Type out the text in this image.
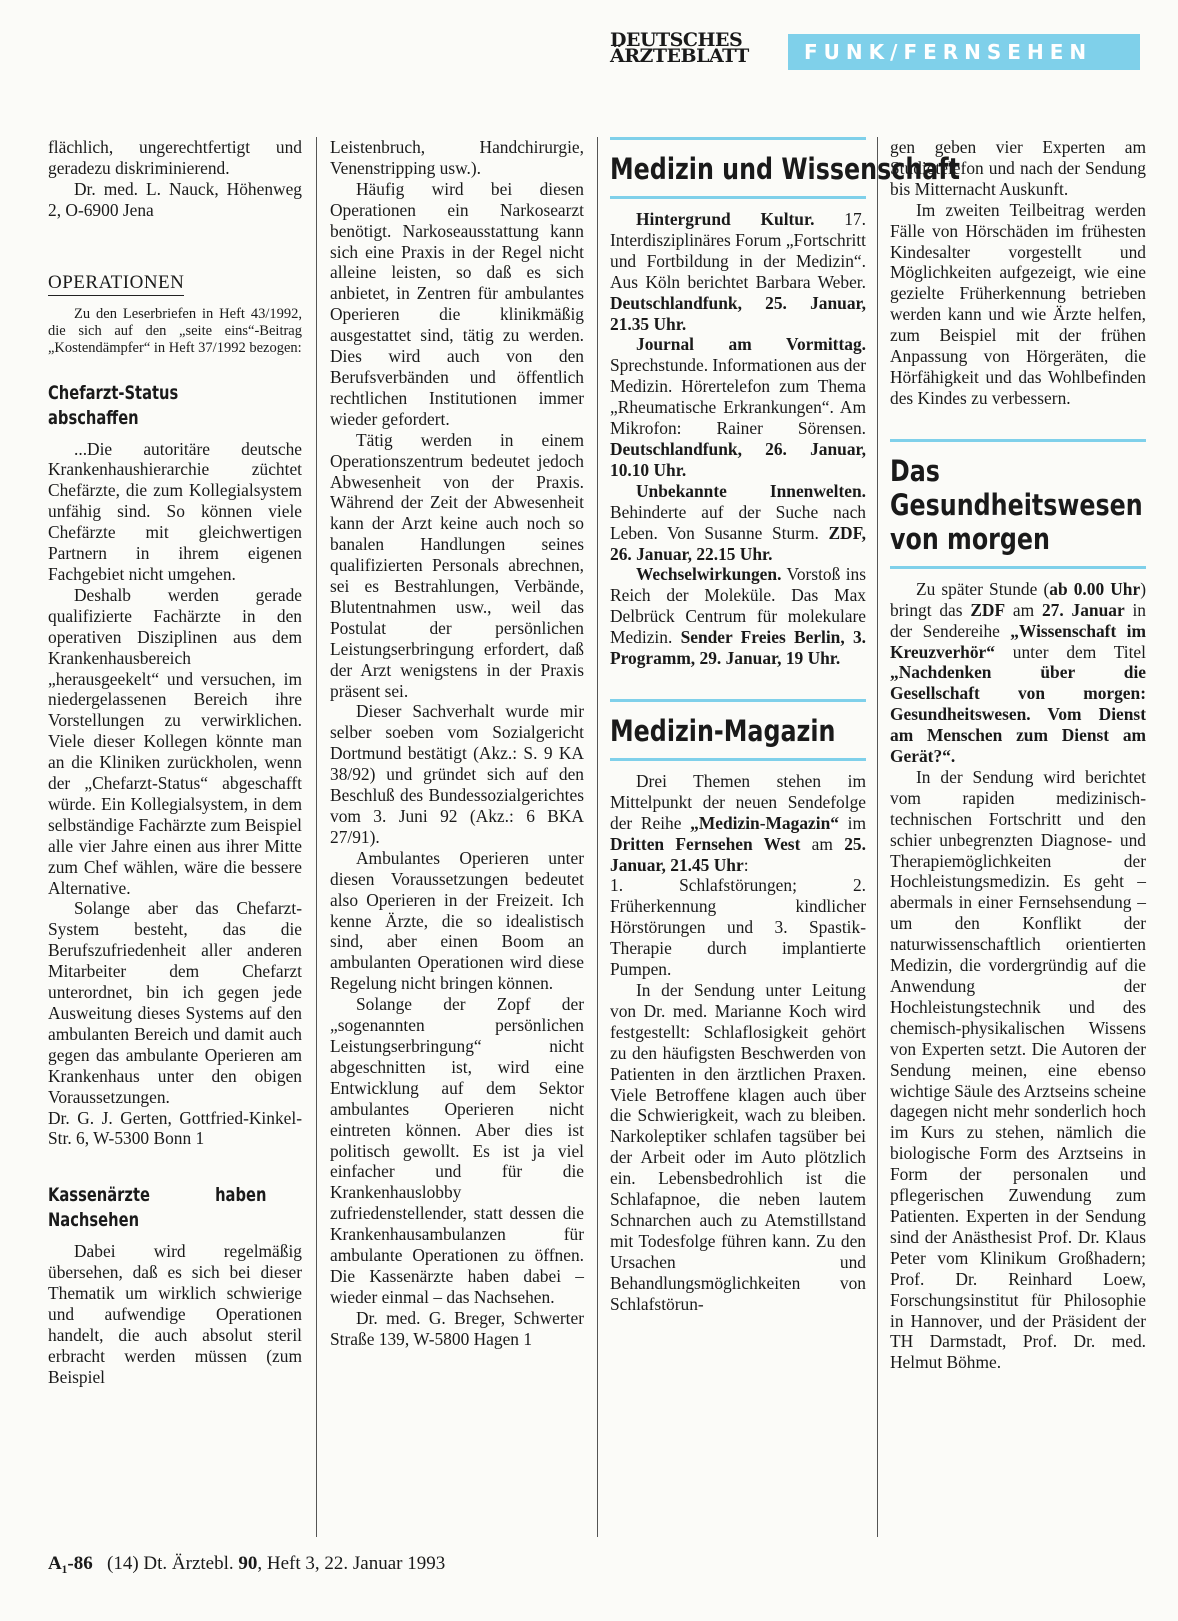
DEUTSCHES
ÄRZTEBLATT	FUNK/FERNSEHEN

flächlich, ungerechtfertigt und geradezu diskriminierend.

Dr. med. L. Nauck, Höhenweg 2, O-6900 Jena

OPERATIONEN

Zu den Leserbriefen in Heft 43/1992, die sich auf den „seite eins“-Beitrag „Kostendämpfer“ in Heft 37/1992 bezogen:

Chefarzt-Status abschaffen

...Die autoritäre deutsche Krankenhaushierarchie züchtet Chefärzte, die zum Kollegialsystem unfähig sind. So können viele Chefärzte mit gleichwertigen Partnern in ihrem eigenen Fachgebiet nicht umgehen.

Deshalb werden gerade qualifizierte Fachärzte in den operativen Disziplinen aus dem Krankenhausbereich „herausgeekelt“ und versuchen, im niedergelassenen Bereich ihre Vorstellungen zu verwirklichen. Viele dieser Kollegen könnte man an die Kliniken zurückholen, wenn der „Chefarzt-Status“ abgeschafft würde. Ein Kollegialsystem, in dem selbständige Fachärzte zum Beispiel alle vier Jahre einen aus ihrer Mitte zum Chef wählen, wäre die bessere Alternative.

Solange aber das Chefarzt-System besteht, das die Berufszufriedenheit aller anderen Mitarbeiter dem Chefarzt unterordnet, bin ich gegen jede Ausweitung dieses Systems auf den ambulanten Bereich und damit auch gegen das ambulante Operieren am Krankenhaus unter den obigen Voraussetzungen.

Dr. G. J. Gerten, Gottfried-Kinkel-Str. 6, W-5300 Bonn 1

Kassenärzte haben Nachsehen

Dabei wird regelmäßig übersehen, daß es sich bei dieser Thematik um wirklich schwierige und aufwendige Operationen handelt, die auch absolut steril erbracht werden müssen (zum Beispiel

Leistenbruch, Handchirurgie, Venenstripping usw.).

Häufig wird bei diesen Operationen ein Narkosearzt benötigt. Narkoseausstattung kann sich eine Praxis in der Regel nicht alleine leisten, so daß es sich anbietet, in Zentren für ambulantes Operieren die klinikmäßig ausgestattet sind, tätig zu werden. Dies wird auch von den Berufsverbänden und öffentlich rechtlichen Institutionen immer wieder gefordert.

Tätig werden in einem Operationszentrum bedeutet jedoch Abwesenheit von der Praxis. Während der Zeit der Abwesenheit kann der Arzt keine auch noch so banalen Handlungen seines qualifizierten Personals abrechnen, sei es Bestrahlungen, Verbände, Blutentnahmen usw., weil das Postulat der persönlichen Leistungserbringung erfordert, daß der Arzt wenigstens in der Praxis präsent sei.

Dieser Sachverhalt wurde mir selber soeben vom Sozialgericht Dortmund bestätigt (Akz.: S. 9 KA 38/92) und gründet sich auf den Beschluß des Bundessozialgerichtes vom 3. Juni 92 (Akz.: 6 BKA 27/91).

Ambulantes Operieren unter diesen Voraussetzungen bedeutet also Operieren in der Freizeit. Ich kenne Ärzte, die so idealistisch sind, aber einen Boom an ambulanten Operationen wird diese Regelung nicht bringen können.

Solange der Zopf der „sogenannten persönlichen Leistungserbringung“ nicht abgeschnitten ist, wird eine Entwicklung auf dem Sektor ambulantes Operieren nicht eintreten können. Aber dies ist politisch gewollt. Es ist ja viel einfacher und für die Krankenhauslobby zufriedenstellender, statt dessen die Krankenhausambulanzen für ambulante Operationen zu öffnen. Die Kassenärzte haben dabei – wieder einmal – das Nachsehen.

Dr. med. G. Breger, Schwerter Straße 139, W-5800 Hagen 1

Medizin und Wissenschaft

Hintergrund Kultur. 17. Interdisziplinäres Forum „Fortschritt und Fortbildung in der Medizin“. Aus Köln berichtet Barbara Weber. Deutschlandfunk, 25. Januar, 21.35 Uhr.

Journal am Vormittag. Sprechstunde. Informationen aus der Medizin. Hörertelefon zum Thema „Rheumatische Erkrankungen“. Am Mikrofon: Rainer Sörensen. Deutschlandfunk, 26. Januar, 10.10 Uhr.

Unbekannte Innenwelten. Behinderte auf der Suche nach Leben. Von Susanne Sturm. ZDF, 26. Januar, 22.15 Uhr.

Wechselwirkungen. Vorstoß ins Reich der Moleküle. Das Max Delbrück Centrum für molekulare Medizin. Sender Freies Berlin, 3. Programm, 29. Januar, 19 Uhr.

Medizin-Magazin

Drei Themen stehen im Mittelpunkt der neuen Sendefolge der Reihe „Medizin-Magazin“ im Dritten Fernsehen West am 25. Januar, 21.45 Uhr:

1. Schlafstörungen; 2. Früherkennung kindlicher Hörstörungen und 3. Spastik-Therapie durch implantierte Pumpen.

In der Sendung unter Leitung von Dr. med. Marianne Koch wird festgestellt: Schlaflosigkeit gehört zu den häufigsten Beschwerden von Patienten in den ärztlichen Praxen. Viele Betroffene klagen auch über die Schwierigkeit, wach zu bleiben. Narkoleptiker schlafen tagsüber bei der Arbeit oder im Auto plötzlich ein. Lebensbedrohlich ist die Schlafapnoe, die neben lautem Schnarchen auch zu Atemstillstand mit Todesfolge führen kann. Zu den Ursachen und Behandlungsmöglichkeiten von Schlafstörun-

gen geben vier Experten am Studiotelefon und nach der Sendung bis Mitternacht Auskunft.

Im zweiten Teilbeitrag werden Fälle von Hörschäden im frühesten Kindesalter vorgestellt und Möglichkeiten aufgezeigt, wie eine gezielte Früherkennung betrieben werden kann und wie Ärzte helfen, zum Beispiel mit der frühen Anpassung von Hörgeräten, die Hörfähigkeit und das Wohlbefinden des Kindes zu verbessern.

Das Gesundheitswesen von morgen

Zu später Stunde (ab 0.00 Uhr) bringt das ZDF am 27. Januar in der Sendereihe „Wissenschaft im Kreuzverhör“ unter dem Titel „Nachdenken über die Gesellschaft von morgen: Gesundheitswesen. Vom Dienst am Menschen zum Dienst am Gerät?“.

In der Sendung wird berichtet vom rapiden medizinisch-technischen Fortschritt und den schier unbegrenzten Diagnose- und Therapiemöglichkeiten der Hochleistungsmedizin. Es geht – abermals in einer Fernsehsendung – um den Konflikt der naturwissenschaftlich orientierten Medizin, die vordergründig auf die Anwendung der Hochleistungstechnik und des chemisch-physikalischen Wissens von Experten setzt. Die Autoren der Sendung meinen, eine ebenso wichtige Säule des Arztseins scheine dagegen nicht mehr sonderlich hoch im Kurs zu stehen, nämlich die biologische Form des Arztseins in Form der personalen und pflegerischen Zuwendung zum Patienten. Experten in der Sendung sind der Anästhesist Prof. Dr. Klaus Peter vom Klinikum Großhadern; Prof. Dr. Reinhard Loew, Forschungsinstitut für Philosophie in Hannover, und der Präsident der TH Darmstadt, Prof. Dr. med. Helmut Böhme.

A₁-86 (14) Dt. Ärztebl. 90, Heft 3, 22. Januar 1993
